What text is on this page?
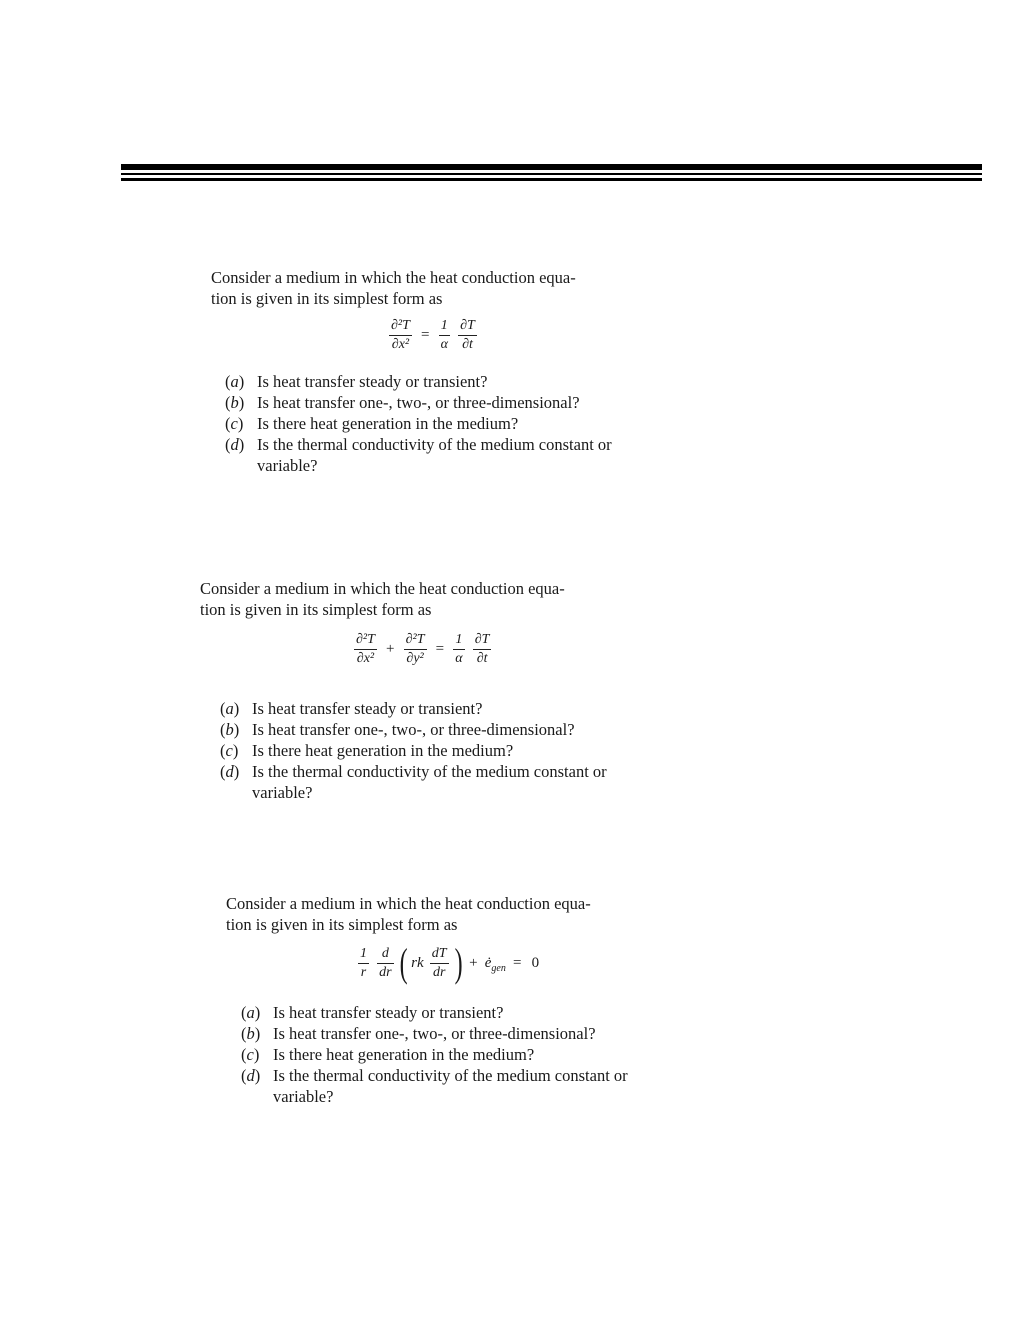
Consider a medium in which the heat conduction equa-
tion is given in its simplest form as

$\frac{\text{∂²T}}{\text{∂x²}} = \frac{1}{\alpha}$
$\frac{\partial T}{\partial t}$
(a) Is heat transfer steady or transient?
(b) Is heat transfer one-, two-, or three-dimensional?
(c) Is there heat generation in the medium?
(d) Is the thermal conductivity of the medium constant or variable?

Consider a medium in which the heat conduction equa-
tion is given in its simplest form as

$\frac{\text{∂²T}}{\text{∂x²}} + \frac{\text{∂²T}}{\text{∂y²}} = \frac{1}{\alpha}$
$\frac{\partial T}{\partial t}$
(a) Is heat transfer steady or transient?
(b) Is heat transfer one-, two-, or three-dimensional?
(c) Is there heat generation in the medium?
(d) Is the thermal conductivity of the medium constant or variable?

Consider a medium in which the heat conduction equa-
tion is given in its simplest form as

$\frac{1}{r}$
$\frac{d}{dr}$ ( rk $\frac{dT}{dr}$ ) + $ė_{gen} = 0$
(a) Is heat transfer steady or transient?
(b) Is heat transfer one-, two-, or three-dimensional?
(c) Is there heat generation in the medium?
(d) Is the thermal conductivity of the medium constant or variable?
